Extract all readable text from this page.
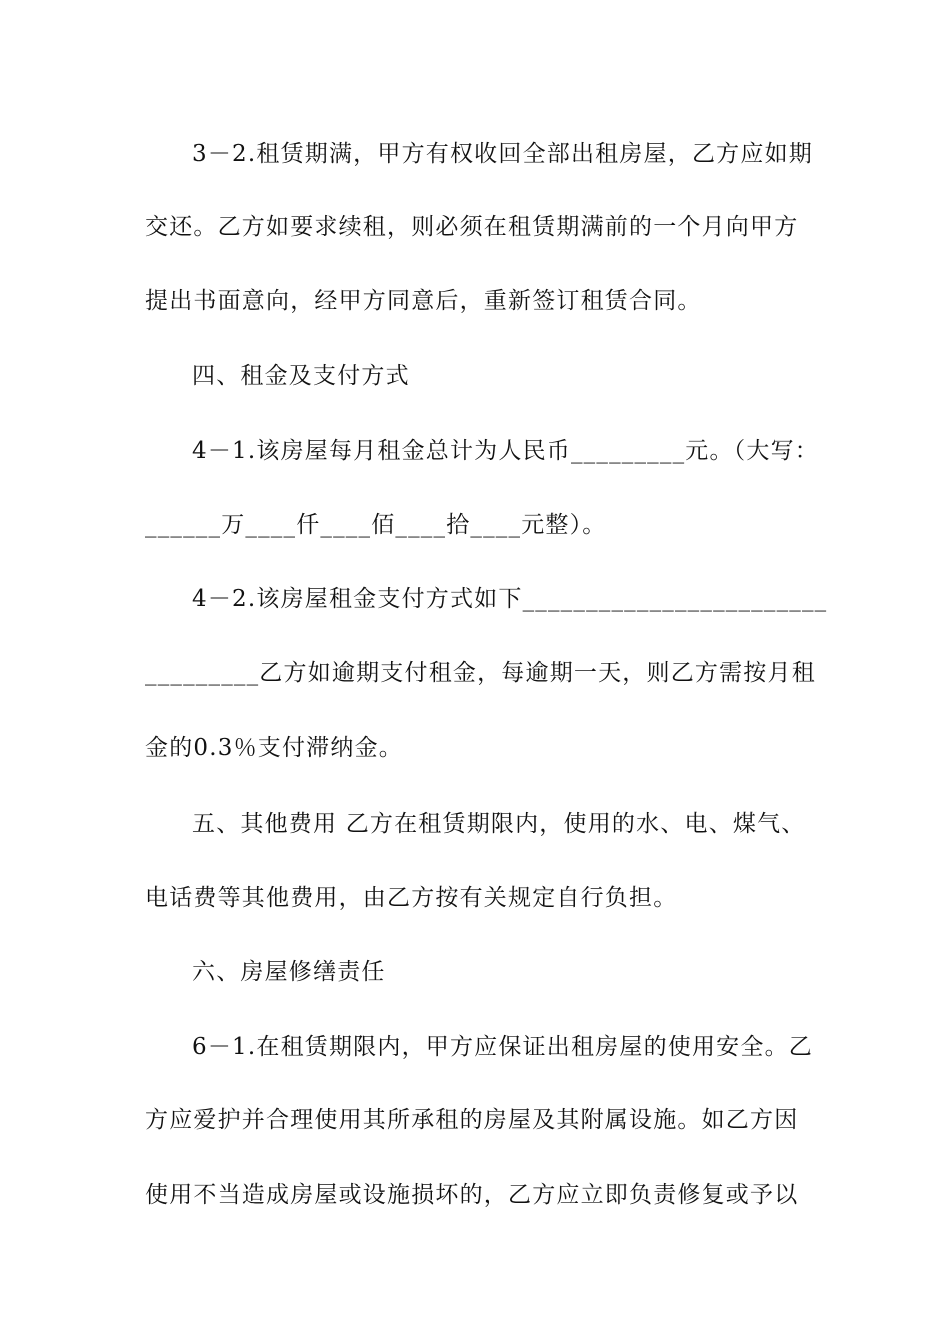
3－2.租赁期满，甲方有权收回全部出租房屋，乙方应如期
交还。乙方如要求续租，则必须在租赁期满前的一个月向甲方
提出书面意向，经甲方同意后，重新签订租赁合同。
四、租金及支付方式
4－1.该房屋每月租金总计为人民币_________元。（大写：
______万____仟____佰____拾____元整）。
4－2.该房屋租金支付方式如下________________________
_________乙方如逾期支付租金，每逾期一天，则乙方需按月租
金的0.3％支付滞纳金。
五、其他费用 乙方在租赁期限内，使用的水、电、煤气、
电话费等其他费用，由乙方按有关规定自行负担。
六、房屋修缮责任
6－1.在租赁期限内，甲方应保证出租房屋的使用安全。乙
方应爱护并合理使用其所承租的房屋及其附属设施。如乙方因
使用不当造成房屋或设施损坏的，乙方应立即负责修复或予以
